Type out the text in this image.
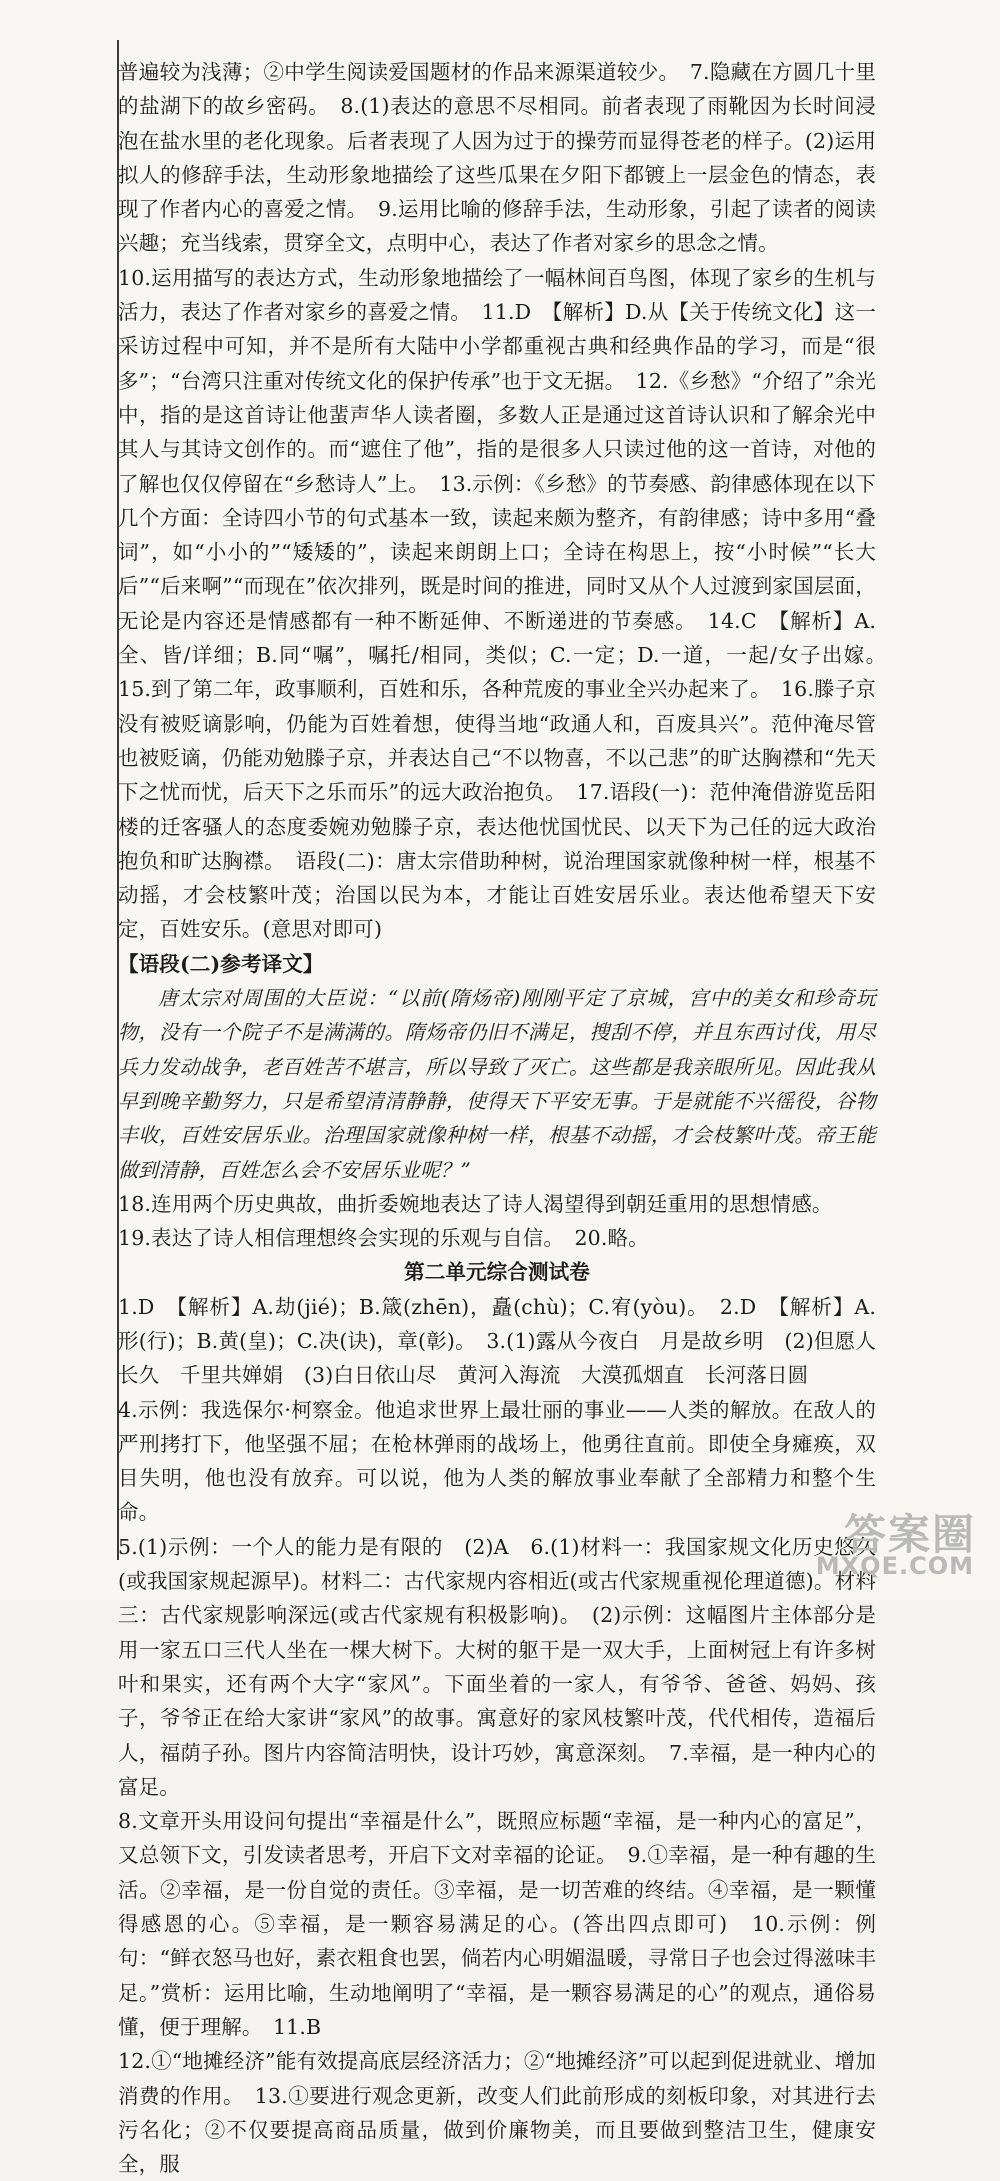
普遍较为浅薄；②中学生阅读爱国题材的作品来源渠道较少。　7.隐藏在方圆几十里的盐湖下的故乡密码。　8.(1)表达的意思不尽相同。前者表现了雨靴因为长时间浸泡在盐水里的老化现象。后者表现了人因为过于的操劳而显得苍老的样子。(2)运用拟人的修辞手法，生动形象地描绘了这些瓜果在夕阳下都镀上一层金色的情态，表现了作者内心的喜爱之情。　9.运用比喻的修辞手法，生动形象，引起了读者的阅读兴趣；充当线索，贯穿全文，点明中心，表达了作者对家乡的思念之情。

10.运用描写的表达方式，生动形象地描绘了一幅林间百鸟图，体现了家乡的生机与活力，表达了作者对家乡的喜爱之情。　11.D　【解析】D.从【关于传统文化】这一采访过程中可知，并不是所有大陆中小学都重视古典和经典作品的学习，而是“很多”；“台湾只注重对传统文化的保护传承”也于文无据。　12.《乡愁》“介绍了”余光中，指的是这首诗让他蜚声华人读者圈，多数人正是通过这首诗认识和了解余光中其人与其诗文创作的。而“遮住了他”，指的是很多人只读过他的这一首诗，对他的了解也仅仅停留在“乡愁诗人”上。　13.示例：《乡愁》的节奏感、韵律感体现在以下几个方面：全诗四小节的句式基本一致，读起来颇为整齐，有韵律感；诗中多用“叠词”，如“小小的”“矮矮的”，读起来朗朗上口；全诗在构思上，按“小时候”“长大后”“后来啊”“而现在”依次排列，既是时间的推进，同时又从个人过渡到家国层面，无论是内容还是情感都有一种不断延伸、不断递进的节奏感。　14.C　【解析】A.全、皆/详细；B.同“嘱”，嘱托/相同，类似；C.一定；D.一道，一起/女子出嫁。　15.到了第二年，政事顺利，百姓和乐，各种荒废的事业全兴办起来了。　16.滕子京没有被贬谪影响，仍能为百姓着想，使得当地“政通人和，百废具兴”。范仲淹尽管也被贬谪，仍能劝勉滕子京，并表达自己“不以物喜，不以己悲”的旷达胸襟和“先天下之忧而忧，后天下之乐而乐”的远大政治抱负。　17.语段(一)：范仲淹借游览岳阳楼的迁客骚人的态度委婉劝勉滕子京，表达他忧国忧民、以天下为己任的远大政治抱负和旷达胸襟。　语段(二)：唐太宗借助种树，说治理国家就像种树一样，根基不动摇，才会枝繁叶茂；治国以民为本，才能让百姓安居乐业。表达他希望天下安定，百姓安乐。(意思对即可)

【语段(二)参考译文】

唐太宗对周围的大臣说：“以前(隋炀帝)刚刚平定了京城，宫中的美女和珍奇玩物，没有一个院子不是满满的。隋炀帝仍旧不满足，搜刮不停，并且东西讨伐，用尽兵力发动战争，老百姓苦不堪言，所以导致了灭亡。这些都是我亲眼所见。因此我从早到晚辛勤努力，只是希望清清静静，使得天下平安无事。于是就能不兴徭役，谷物丰收，百姓安居乐业。治理国家就像种树一样，根基不动摇，才会枝繁叶茂。帝王能做到清静，百姓怎么会不安居乐业呢？”

18.连用两个历史典故，曲折委婉地表达了诗人渴望得到朝廷重用的思想情感。

19.表达了诗人相信理想终会实现的乐观与自信。　20.略。

第二单元综合测试卷

1.D　【解析】A.劫(jié)；B.箴(zhēn)，矗(chù)；C.宥(yòu)。　2.D　【解析】A.形(行)；B.黄(皇)；C.决(诀)，章(彰)。　3.(1)露从今夜白　月是故乡明　(2)但愿人长久　千里共婵娟　(3)白日依山尽　黄河入海流　大漠孤烟直　长河落日圆

4.示例：我选保尔·柯察金。他追求世界上最壮丽的事业——人类的解放。在敌人的严刑拷打下，他坚强不屈；在枪林弹雨的战场上，他勇往直前。即使全身瘫痪，双目失明，他也没有放弃。可以说，他为人类的解放事业奉献了全部精力和整个生命。

5.(1)示例：一个人的能力是有限的　(2)A　6.(1)材料一：我国家规文化历史悠久(或我国家规起源早)。材料二：古代家规内容相近(或古代家规重视伦理道德)。材料三：古代家规影响深远(或古代家规有积极影响)。　(2)示例：这幅图片主体部分是用一家五口三代人坐在一棵大树下。大树的躯干是一双大手，上面树冠上有许多树叶和果实，还有两个大字“家风”。下面坐着的一家人，有爷爷、爸爸、妈妈、孩子，爷爷正在给大家讲“家风”的故事。寓意好的家风枝繁叶茂，代代相传，造福后人，福荫子孙。图片内容简洁明快，设计巧妙，寓意深刻。　7.幸福，是一种内心的富足。

8.文章开头用设问句提出“幸福是什么”，既照应标题“幸福，是一种内心的富足”，又总领下文，引发读者思考，开启下文对幸福的论证。　9.①幸福，是一种有趣的生活。②幸福，是一份自觉的责任。③幸福，是一切苦难的终结。④幸福，是一颗懂得感恩的心。⑤幸福，是一颗容易满足的心。(答出四点即可)　10.示例：例句：“鲜衣怒马也好，素衣粗食也罢，倘若内心明媚温暖，寻常日子也会过得滋味丰足。”赏析：运用比喻，生动地阐明了“幸福，是一颗容易满足的心”的观点，通俗易懂，便于理解。　11.B

12.①“地摊经济”能有效提高底层经济活力；②“地摊经济”可以起到促进就业、增加消费的作用。　13.①要进行观念更新，改变人们此前形成的刻板印象，对其进行去污名化；②不仅要提高商品质量，做到价廉物美，而且要做到整洁卫生，健康安全，服

答案圈
MXQE.COM
